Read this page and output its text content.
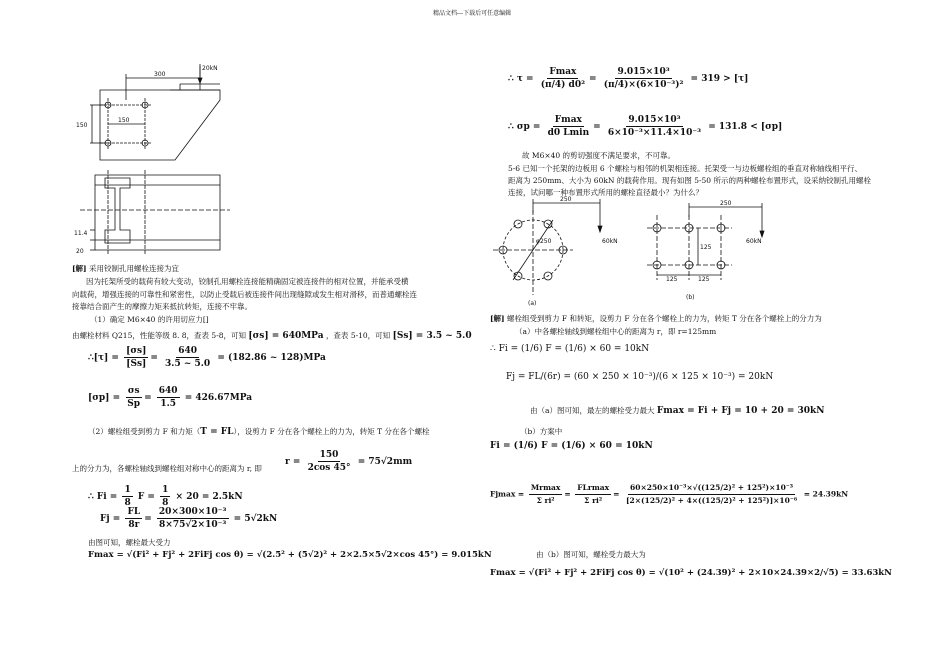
精品文档---下载后可任意编辑
300
20kN
150
150
11.4
20
[解] 采用铰制孔用螺栓连接为宜
因为托架所受的载荷有较大变动，铰制孔用螺栓连接能精确固定被连接件的相对位置，并能承受横
向载荷，增强连接的可靠性和紧密性，以防止受载后被连接件间出现缝隙或发生相对滑移，而普通螺栓连
接靠结合面产生的摩擦力矩来抵抗转矩，连接不牢靠。
（1）确定 M6×40 的许用切应力[]
由螺栓材料 Q215，性能等级 8. 8，查表 5-8，可知 [σs] = 640MPa ，查表 5-10，可知 [Ss] = 3.5 ~ 5.0
∴[τ] = $\frac{[\sigma s]}{[Ss]} = \frac{640}{3.5 \sim 5.0} = (182.86$ ~ 128)MPa
$[\sigma p] = \frac{\sigma s}{Sp} = \frac{640}{1.5} = 426.67MPa$
（2）螺栓组受到剪力 F 和力矩（T = FL），设剪力 F 分在各个螺栓上的力为，转矩 T 分在各个螺栓
上的分力为，各螺栓轴线到螺栓组对称中心的距离为 r, 即
$r = \frac{150}{2\cos 45^\circ} = 75√2mm$
∴ $Fi = \frac{1}{8}$ $F = \frac{1}{8} \times 20 = 2.5kN$
$Fj = \frac{FL}{8r} = \frac{\text{20×300×10⁻³}}{\text{8×75√2×10⁻³}} = 5√2kN$
由图可知，螺栓最大受力
Fmax = √(Fi² + Fj² + 2FiFj cos θ) = √(2.5² + (5√2)² + 2×2.5×5√2×cos 45°) = 9.015kN
∴ $\tau = \frac{Fmax}{\text{(π/4) d0²}} = \frac{\text{9.015×10³}}{\text{(π/4)×(6×10⁻³)²}} = 319 > [\tau]$
∴ $\sigma p = \frac{Fmax}{d0 Lmin} = \frac{\text{9.015×10³}}{\text{6×10⁻³×11.4×10⁻³}} = 131.8 < [\sigma p]$
故 M6×40 的剪切强度不满足要求，不可靠。
5-6 已知一个托架的边板用 6 个螺栓与相邻的机架相连接。托架受一与边板螺栓组的垂直对称轴线相平行、
距离为 250mm、大小为 60kN 的载荷作用。现有如图 5-50 所示的两种螺栓布置形式，设采纳铰制孔用螺栓
连接，试问哪一种布置形式所用的螺栓直径最小？为什么？
250
φ250	60kN
(a)
250
125
125	125
60kN
(b)
[解] 螺栓组受到剪力 F 和转矩，设剪力 F 分在各个螺栓上的力为，转矩 T 分在各个螺栓上的分力为
（a）中各螺栓轴线到螺栓组中心的距离为 r，即 r=125mm
∴ Fi = (1/6) F = (1/6) × 60 = 10kN
Fj = FL/(6r) = (60 × 250 × 10⁻³)/(6 × 125 × 10⁻³) = 20kN
由（a）图可知，最左的螺栓受力最大 Fmax = Fi + Fj = 10 + 20 = 30kN
（b）方案中
Fi = (1/6) F = (1/6) × 60 = 10kN
$Fjmax = \frac{Mrmax}{\text{Σ ri²}} = \frac{\text{FLrmax}}{\text{Σ ri²}} = \frac{\text{60×250×10⁻³×√((125/2)² + 125²)×10⁻³}}{\text{[2×(125/2)² + 4×((125/2)² + 125²)]×10⁻⁶}} = 24.39kN$
由（b）图可知，螺栓受力最大为
Fmax = √(Fi² + Fj² + 2FiFj cos θ) = √(10² + (24.39)² + 2×10×24.39×2/√5) = 33.63kN
